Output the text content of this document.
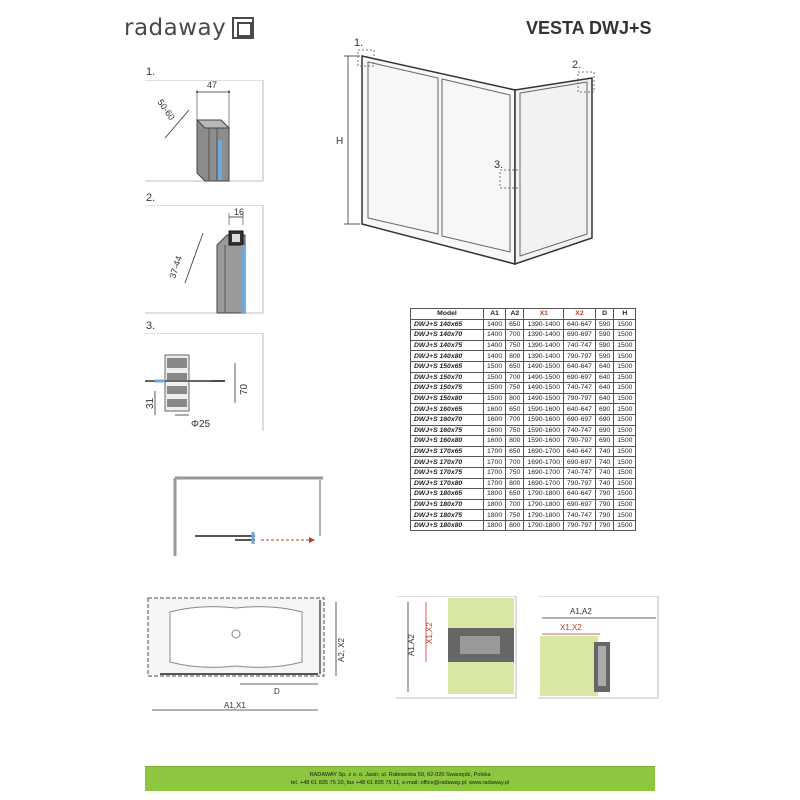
radaway	VESTA DWJ+S
1.
47
50-60
2.
16
37-44
3.
70
31
Φ25
H
1.
2.
3.
Model	A1	A2	X1	X2	D	H
DWJ+S 140x65	1400	650	1390-1400	640-647	590	1500
DWJ+S 140x70	1400	700	1390-1400	690-697	590	1500
DWJ+S 140x75	1400	750	1390-1400	740-747	590	1500
DWJ+S 140x80	1400	800	1390-1400	790-797	590	1500
DWJ+S 150x65	1500	650	1490-1500	640-647	640	1500
DWJ+S 150x70	1500	700	1490-1500	690-697	640	1500
DWJ+S 150x75	1500	750	1490-1500	740-747	640	1500
DWJ+S 150x80	1500	800	1490-1500	790-797	640	1500
DWJ+S 160x65	1600	650	1590-1600	640-647	690	1500
DWJ+S 160x70	1600	700	1590-1600	690-697	690	1500
DWJ+S 160x75	1600	750	1590-1600	740-747	690	1500
DWJ+S 160x80	1600	800	1590-1600	790-797	690	1500
DWJ+S 170x65	1700	650	1690-1700	640-647	740	1500
DWJ+S 170x70	1700	700	1690-1700	690-697	740	1500
DWJ+S 170x75	1700	750	1690-1700	740-747	740	1500
DWJ+S 170x80	1700	800	1690-1700	790-797	740	1500
DWJ+S 180x65	1800	650	1790-1800	640-647	790	1500
DWJ+S 180x70	1800	700	1790-1800	690-697	790	1500
DWJ+S 180x75	1800	750	1790-1800	740-747	790	1500
DWJ+S 180x80	1800	800	1790-1800	790-797	790	1500
D
A1,X1
A2, X2	A1,A2
X1,X2
A1,A2
X1,X2
RADAWAY Sp. z o. o. Jasin; ul. Rabowicka 59, 62-020 Swarzędz, Polska
tel. +48 61 835 75 10, fax +48 61 835 75 11, e-mail: office@radaway.pl, www.radaway.pl
